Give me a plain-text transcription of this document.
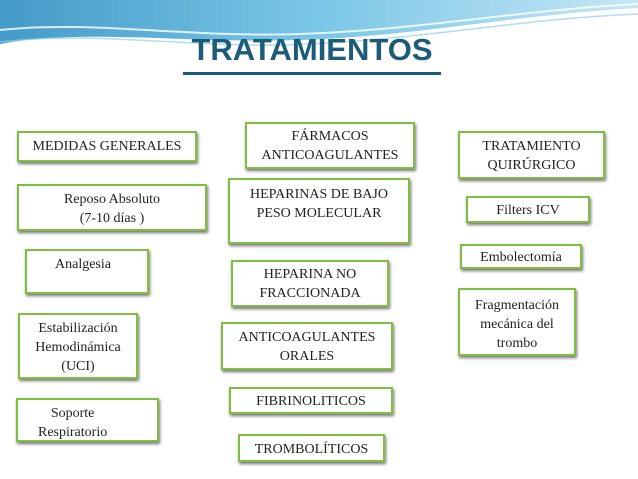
TRATAMIENTOS
MEDIDAS GENERALES
Reposo Absoluto
(7-10 días )
Analgesia
Estabilización
Hemodinámica
(UCI)
Soporte
Respiratorio
FÁRMACOS
ANTICOAGULANTES
HEPARINAS DE BAJO
PESO MOLECULAR
HEPARINA NO
FRACCIONADA
ANTICOAGULANTES
ORALES
FIBRINOLITICOS
TROMBOLÍTICOS
TRATAMIENTO
QUIRÚRGICO
Filters ICV
Embolectomía
Fragmentación
mecánica del
trombo
